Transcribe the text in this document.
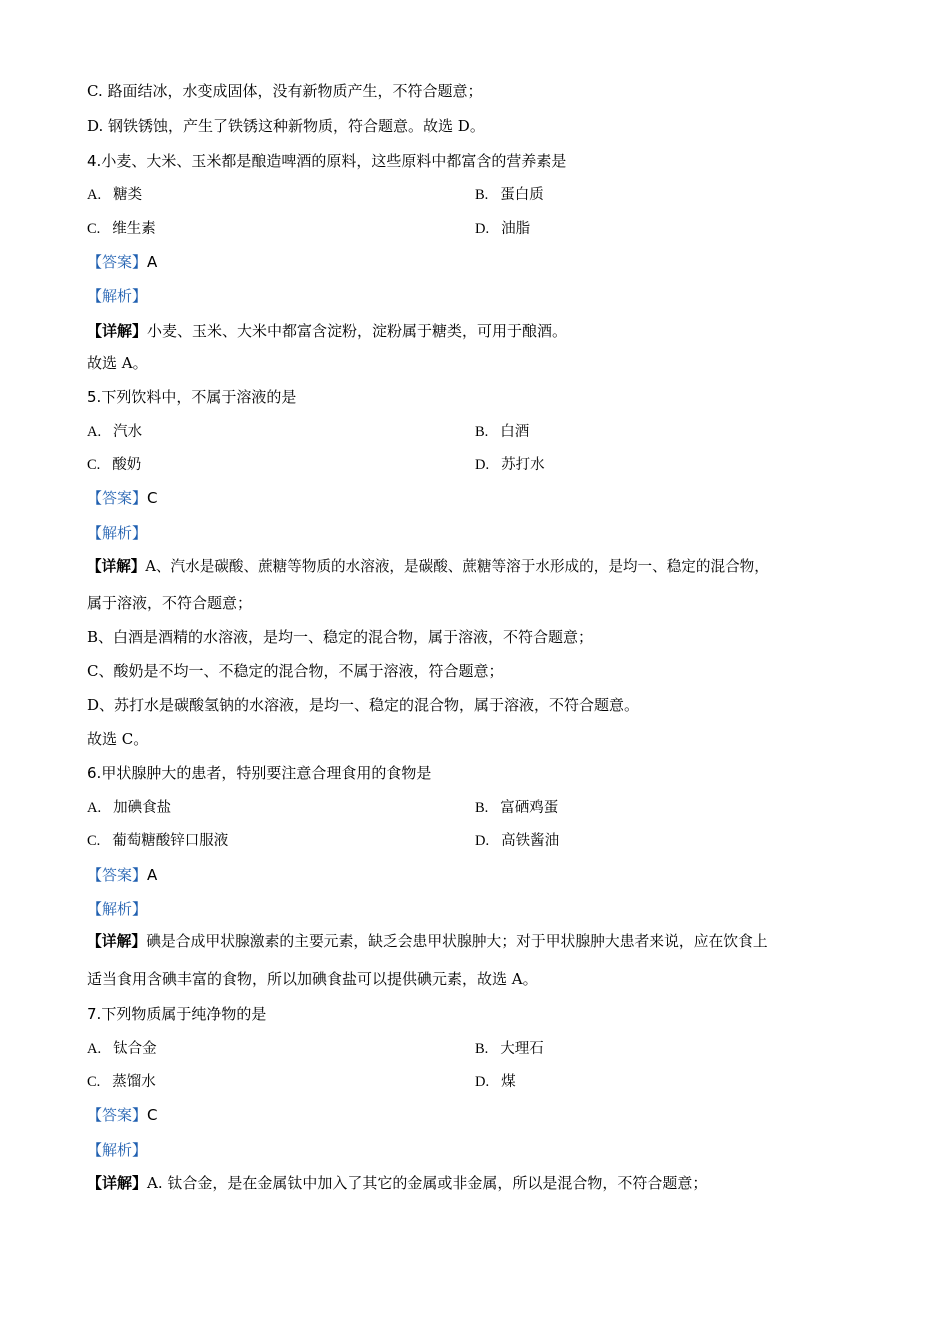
C. 路面结冰，水变成固体，没有新物质产生，不符合题意；
D. 钢铁锈蚀，产生了铁锈这种新物质，符合题意。故选 D。
4.小麦、大米、玉米都是酿造啤酒的原料，这些原料中都富含的营养素是
A. 糖类	B. 蛋白质
C. 维生素	D. 油脂
【答案】A
【解析】
【详解】小麦、玉米、大米中都富含淀粉，淀粉属于糖类，可用于酿酒。
故选 A。
5.下列饮料中，不属于溶液的是
A. 汽水	B. 白酒
C. 酸奶	D. 苏打水
【答案】C
【解析】
【详解】A、汽水是碳酸、蔗糖等物质的水溶液，是碳酸、蔗糖等溶于水形成的，是均一、稳定的混合物，
属于溶液，不符合题意；
B、白酒是酒精的水溶液，是均一、稳定的混合物，属于溶液，不符合题意；
C、酸奶是不均一、不稳定的混合物，不属于溶液，符合题意；
D、苏打水是碳酸氢钠的水溶液，是均一、稳定的混合物，属于溶液，不符合题意。
故选 C。
6.甲状腺肿大的患者，特别要注意合理食用的食物是
A. 加碘食盐	B. 富硒鸡蛋
C. 葡萄糖酸锌口服液	D. 高铁酱油
【答案】A
【解析】
【详解】碘是合成甲状腺激素的主要元素，缺乏会患甲状腺肿大；对于甲状腺肿大患者来说，应在饮食上
适当食用含碘丰富的食物，所以加碘食盐可以提供碘元素，故选 A。
7.下列物质属于纯净物的是
A. 钛合金	B. 大理石
C. 蒸馏水	D. 煤
【答案】C
【解析】
【详解】A. 钛合金，是在金属钛中加入了其它的金属或非金属，所以是混合物，不符合题意；
